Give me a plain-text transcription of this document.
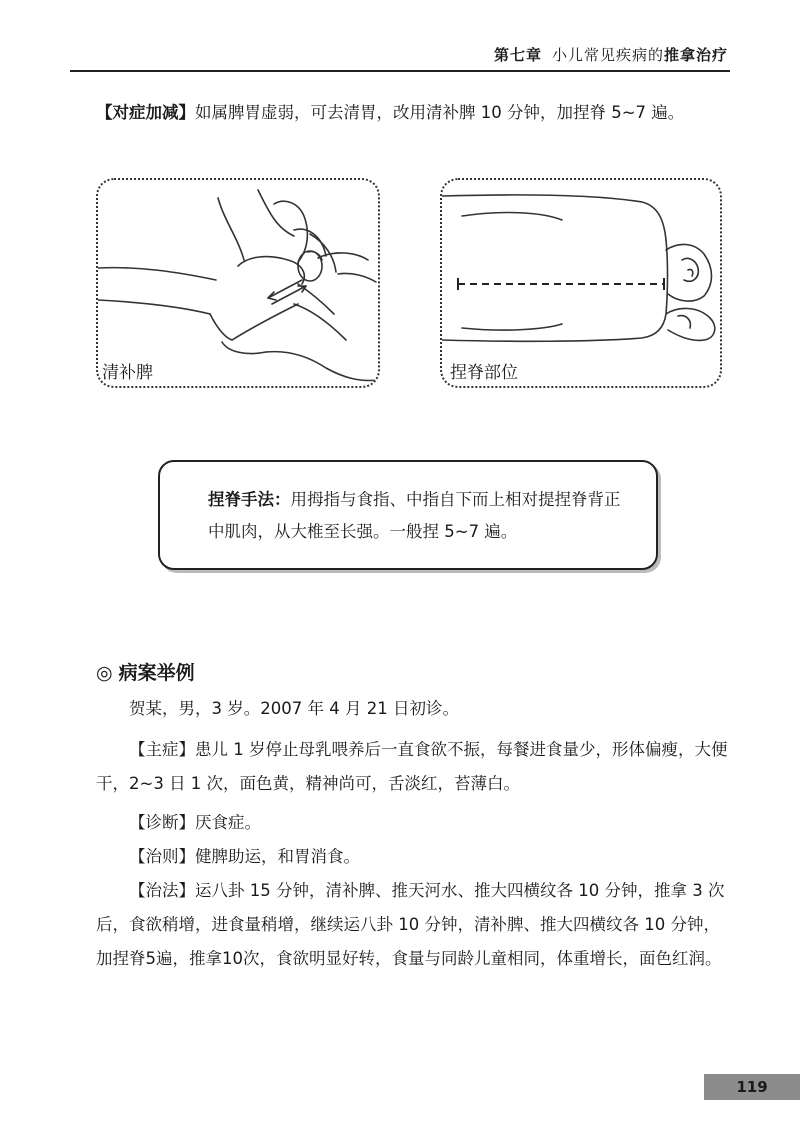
第七章 小儿常见疾病的推拿治疗
【对症加减】如属脾胃虚弱，可去清胃，改用清补脾 10 分钟，加捏脊 5~7 遍。
清补脾	捏脊部位
捏脊手法：用拇指与食指、中指自下而上相对提捏脊背正中肌肉，从大椎至长强。一般捏 5~7 遍。
◎ 病案举例
贺某，男，3 岁。2007 年 4 月 21 日初诊。
【主症】患儿 1 岁停止母乳喂养后一直食欲不振，每餐进食量少，形体偏瘦，大便干，2~3 日 1 次，面色黄，精神尚可，舌淡红，苔薄白。
【诊断】厌食症。
【治则】健脾助运，和胃消食。
【治法】运八卦 15 分钟，清补脾、推天河水、推大四横纹各 10 分钟，推拿 3 次后，食欲稍增，进食量稍增，继续运八卦 10 分钟，清补脾、推大四横纹各 10 分钟，加捏脊5遍，推拿10次，食欲明显好转，食量与同龄儿童相同，体重增长，面色红润。
119
